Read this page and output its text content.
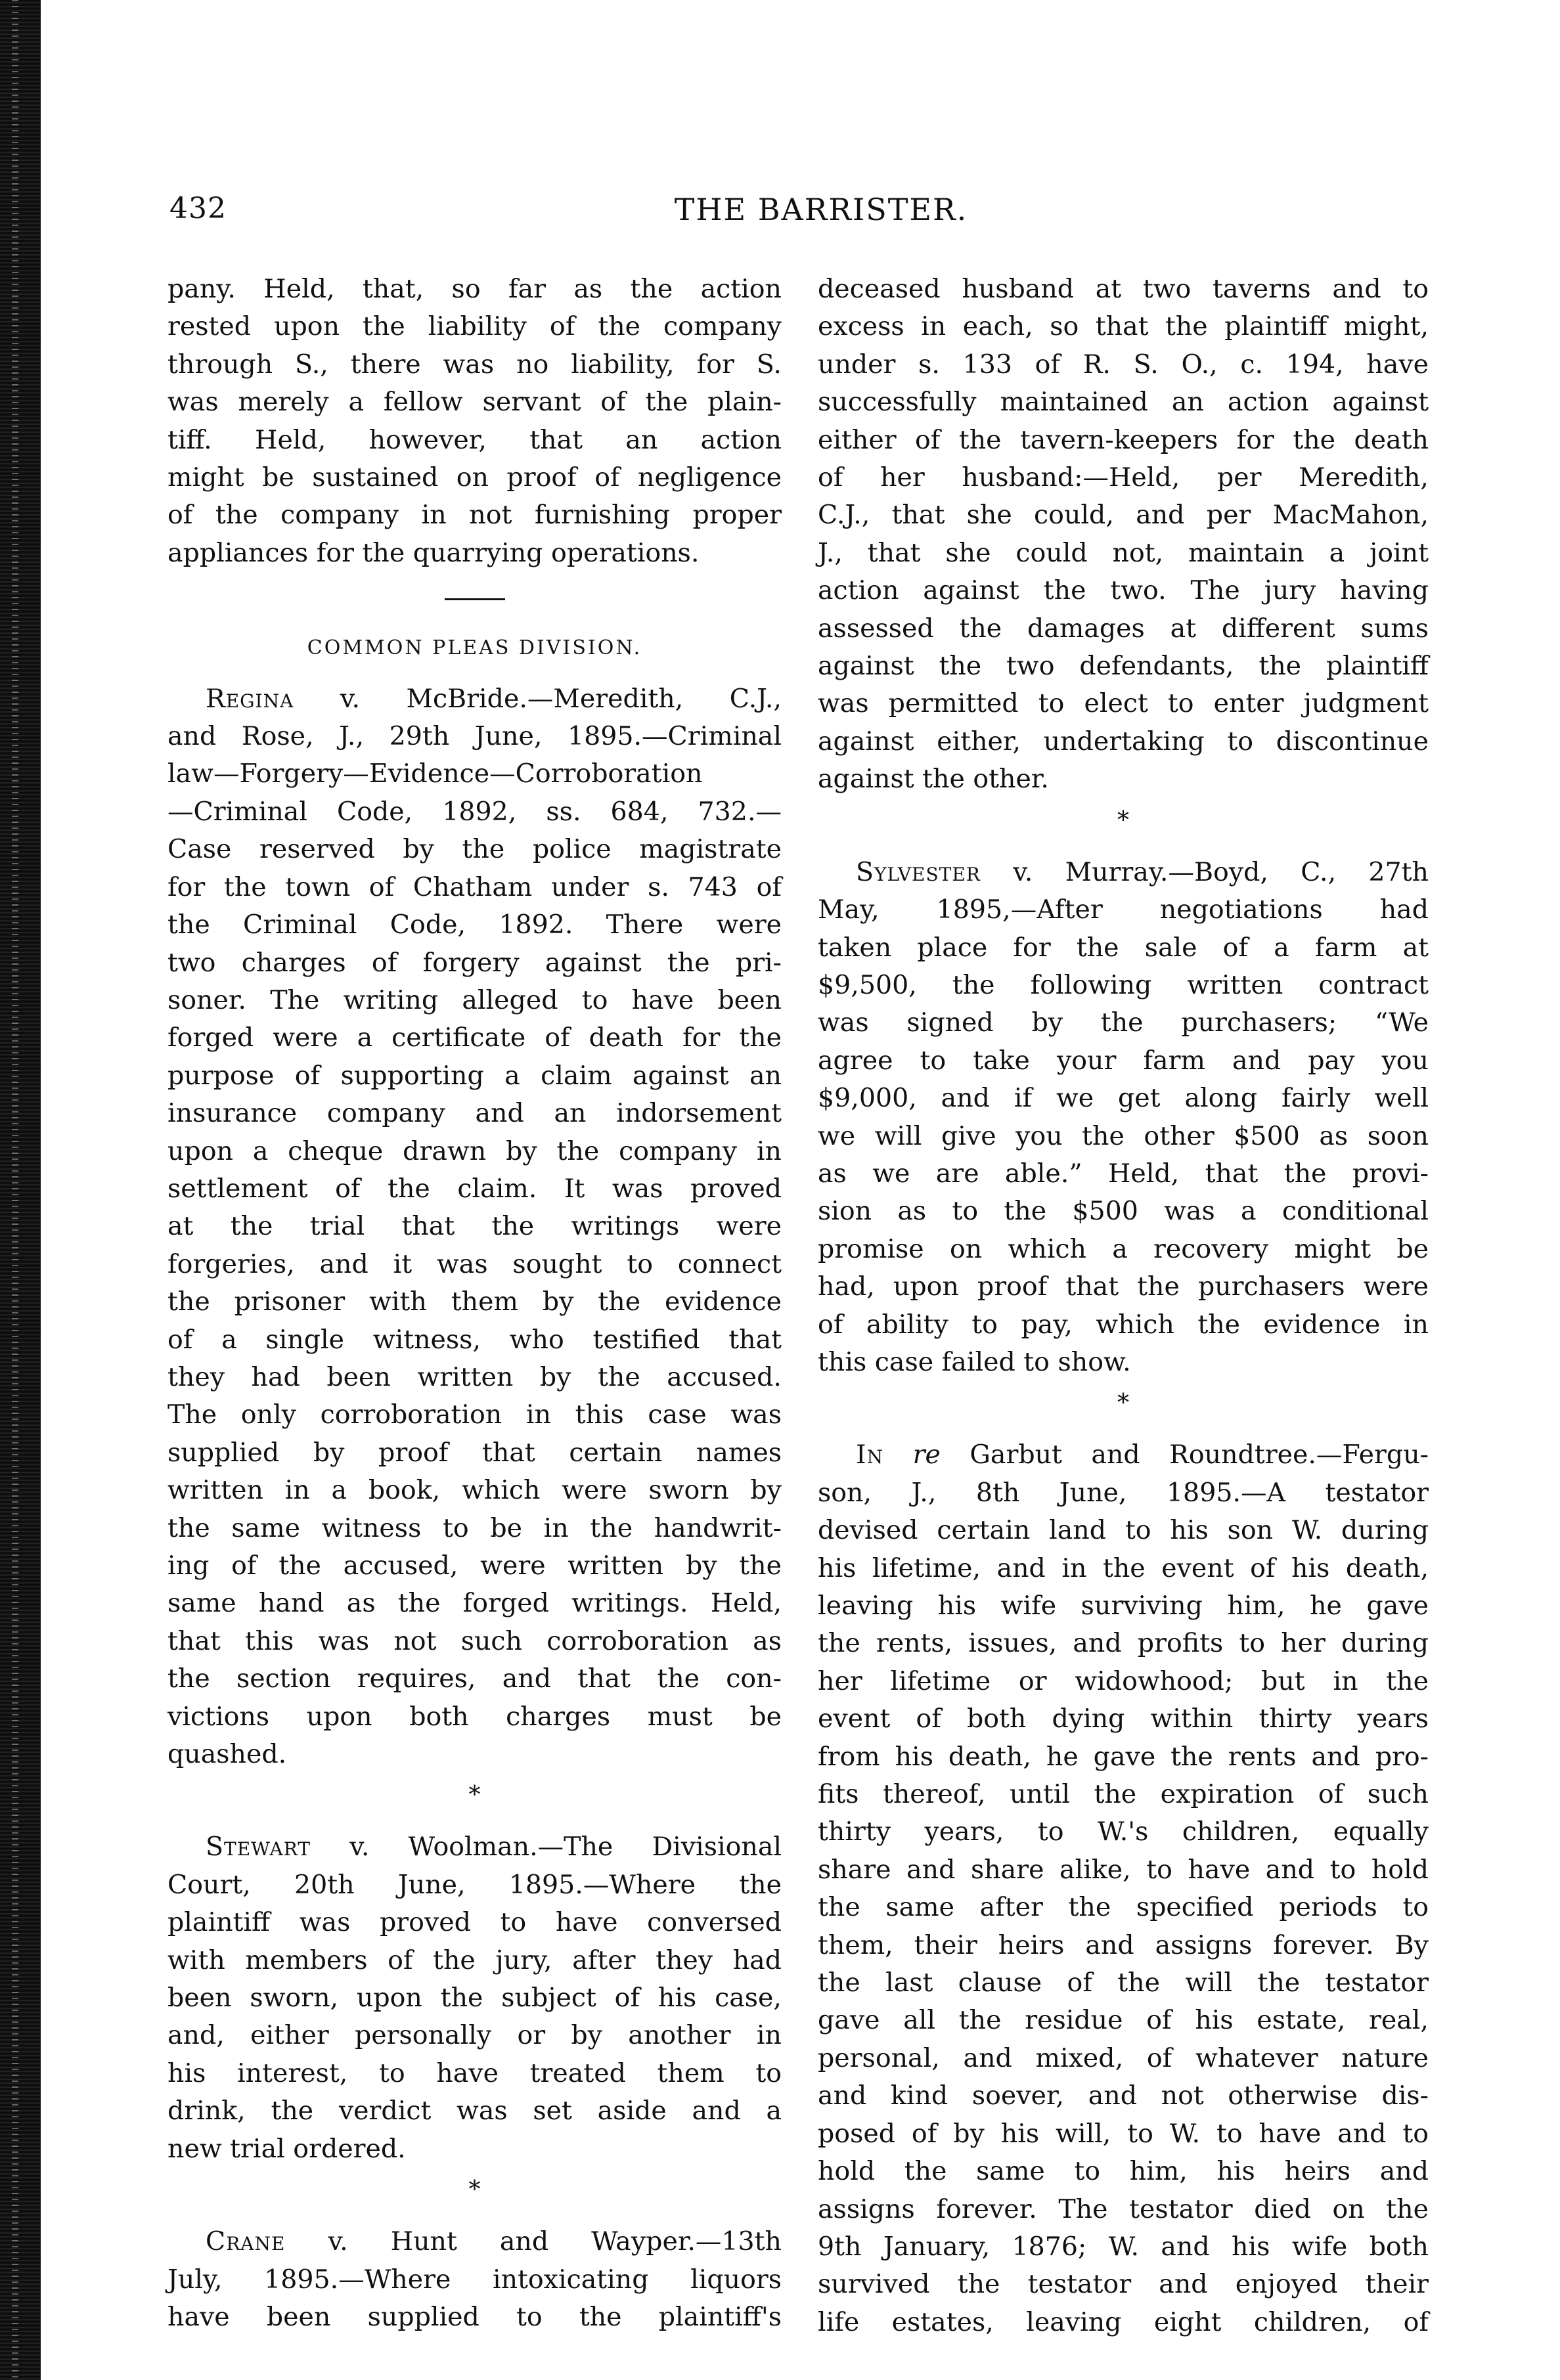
432	THE BARRISTER.
pany. Held, that, so far as the action
rested upon the liability of the company
through S., there was no liability, for S.
was merely a fellow servant of the plain-
tiff. Held, however, that an action
might be sustained on proof of negligence
of the company in not furnishing proper
appliances for the quarrying operations.
COMMON PLEAS DIVISION.
Regina v. McBride.—Meredith, C.J.,
and Rose, J., 29th June, 1895.—Criminal
law—Forgery—Evidence—Corroboration
—Criminal Code, 1892, ss. 684, 732.—
Case reserved by the police magistrate
for the town of Chatham under s. 743 of
the Criminal Code, 1892. There were
two charges of forgery against the pri-
soner. The writing alleged to have been
forged were a certificate of death for the
purpose of supporting a claim against an
insurance company and an indorsement
upon a cheque drawn by the company in
settlement of the claim. It was proved
at the trial that the writings were
forgeries, and it was sought to connect
the prisoner with them by the evidence
of a single witness, who testified that
they had been written by the accused.
The only corroboration in this case was
supplied by proof that certain names
written in a book, which were sworn by
the same witness to be in the handwrit-
ing of the accused, were written by the
same hand as the forged writings. Held,
that this was not such corroboration as
the section requires, and that the con-
victions upon both charges must be
quashed.
*
Stewart v. Woolman.—The Divisional
Court, 20th June, 1895.—Where the
plaintiff was proved to have conversed
with members of the jury, after they had
been sworn, upon the subject of his case,
and, either personally or by another in
his interest, to have treated them to
drink, the verdict was set aside and a
new trial ordered.
*
Crane v. Hunt and Wayper.—13th
July, 1895.—Where intoxicating liquors
have been supplied to the plaintiff's
deceased husband at two taverns and to
excess in each, so that the plaintiff might,
under s. 133 of R. S. O., c. 194, have
successfully maintained an action against
either of the tavern-keepers for the death
of her husband:—Held, per Meredith,
C.J., that she could, and per MacMahon,
J., that she could not, maintain a joint
action against the two. The jury having
assessed the damages at different sums
against the two defendants, the plaintiff
was permitted to elect to enter judgment
against either, undertaking to discontinue
against the other.
*
Sylvester v. Murray.—Boyd, C., 27th
May, 1895,—After negotiations had
taken place for the sale of a farm at
$9,500, the following written contract
was signed by the purchasers; “We
agree to take your farm and pay you
$9,000, and if we get along fairly well
we will give you the other $500 as soon
as we are able.” Held, that the provi-
sion as to the $500 was a conditional
promise on which a recovery might be
had, upon proof that the purchasers were
of ability to pay, which the evidence in
this case failed to show.
*
In re Garbut and Roundtree.—Fergu-
son, J., 8th June, 1895.—A testator
devised certain land to his son W. during
his lifetime, and in the event of his death,
leaving his wife surviving him, he gave
the rents, issues, and profits to her during
her lifetime or widowhood; but in the
event of both dying within thirty years
from his death, he gave the rents and pro-
fits thereof, until the expiration of such
thirty years, to W.'s children, equally
share and share alike, to have and to hold
the same after the specified periods to
them, their heirs and assigns forever. By
the last clause of the will the testator
gave all the residue of his estate, real,
personal, and mixed, of whatever nature
and kind soever, and not otherwise dis-
posed of by his will, to W. to have and to
hold the same to him, his heirs and
assigns forever. The testator died on the
9th January, 1876; W. and his wife both
survived the testator and enjoyed their
life estates, leaving eight children, of
